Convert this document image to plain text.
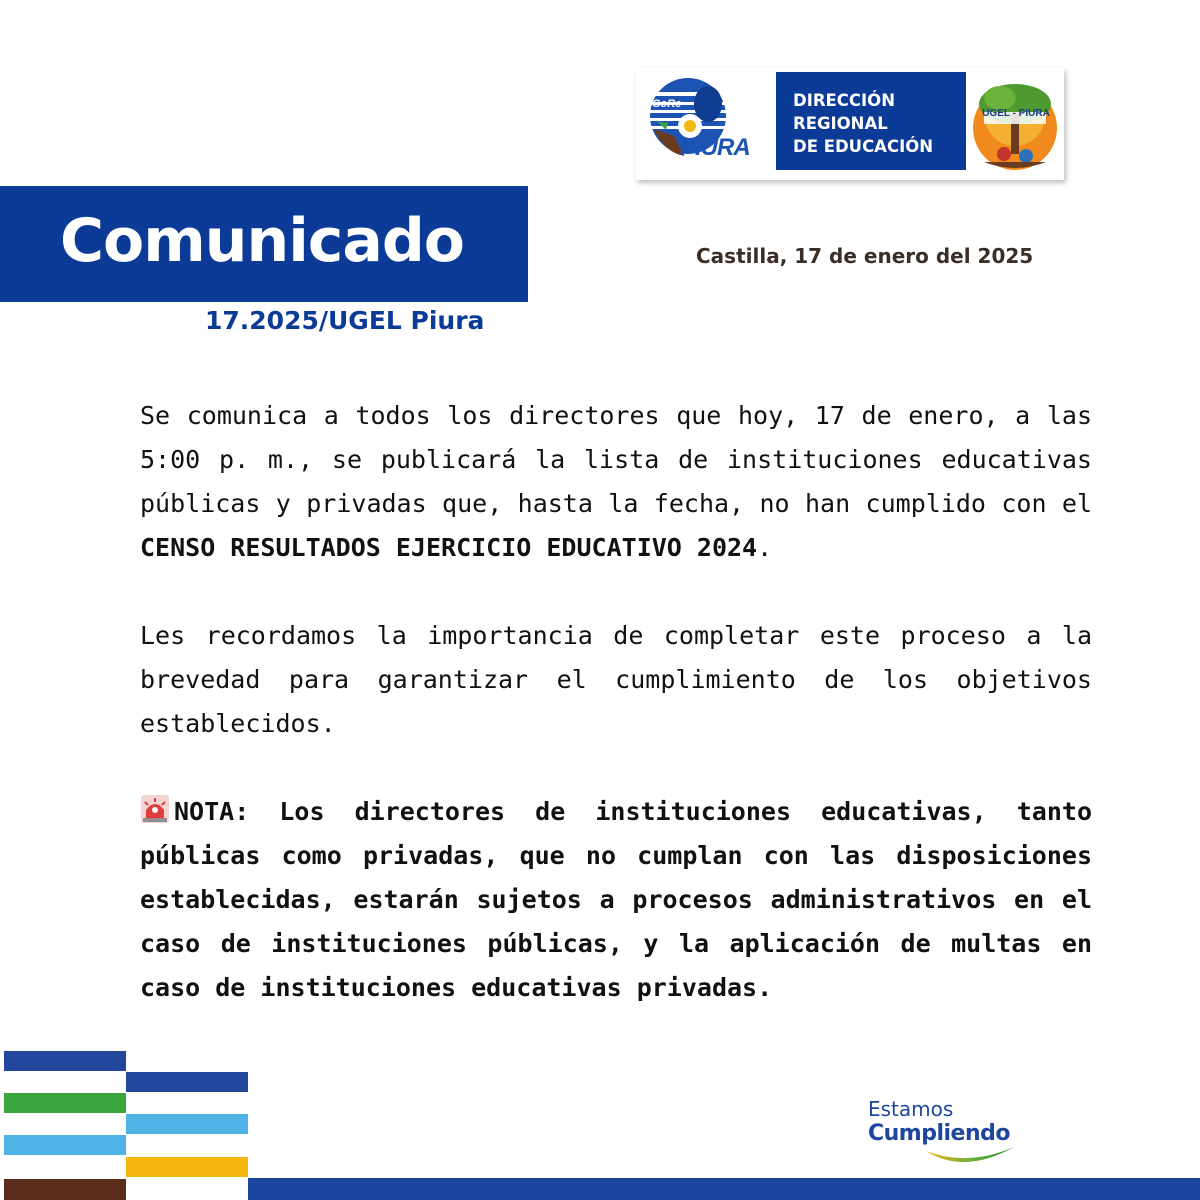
GoRe
PIURA
DIRECCIÓN
REGIONAL
DE EDUCACIÓN
UGEL - PIURA
Comunicado
17.2025/UGEL Piura
Castilla, 17 de enero del 2025

Se comunica a todos los directores que hoy, 17 de enero, a las 5:00 p. m., se publicará la lista de instituciones educativas públicas y privadas que, hasta la fecha, no han cumplido con el CENSO RESULTADOS EJERCICIO EDUCATIVO 2024.

Les recordamos la importancia de completar este proceso a la brevedad para garantizar el cumplimiento de los objetivos establecidos.

NOTA: Los directores de instituciones educativas, tanto públicas como privadas, que no cumplan con las disposiciones establecidas, estarán sujetos a procesos administrativos en el caso de instituciones públicas, y la aplicación de multas en caso de instituciones educativas privadas.

Estamos
Cumpliendo
